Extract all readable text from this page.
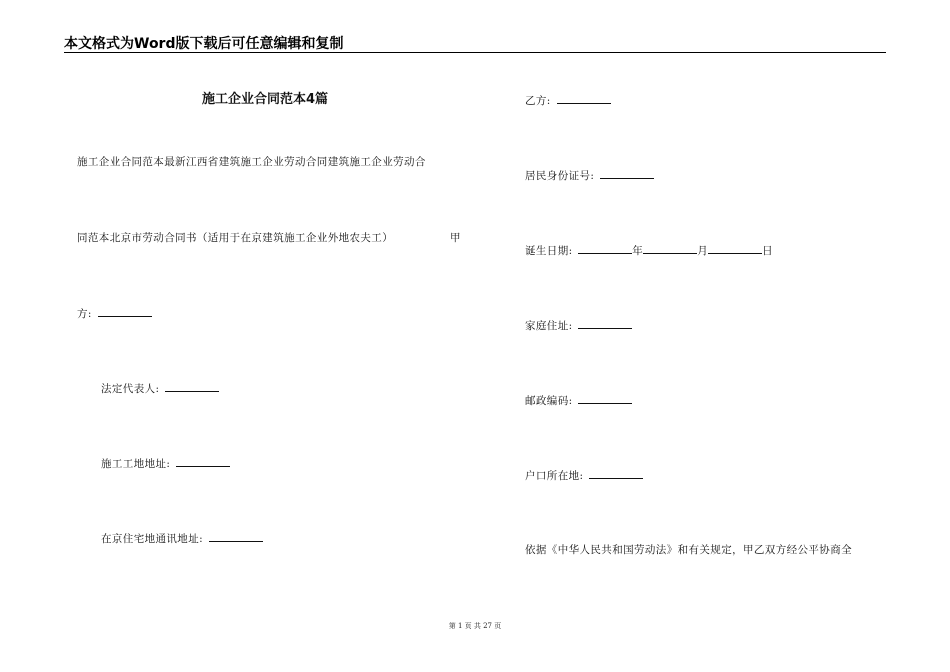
本文格式为Word版下载后可任意编辑和复制
施工企业合同范本4篇
施工企业合同范本最新江西省建筑施工企业劳动合同建筑施工企业劳动合
同范本北京市劳动合同书（适用于在京建筑施工企业外地农夫工）	甲
方:
法定代表人:
施工工地地址:
在京住宅地通讯地址:
乙方:
居民身份证号:
诞生日期:	年	月	日
家庭住址:
邮政编码:
户口所在地:
依据《中华人民共和国劳动法》和有关规定，甲乙双方经公平协商全
第 1 页 共 27 页
